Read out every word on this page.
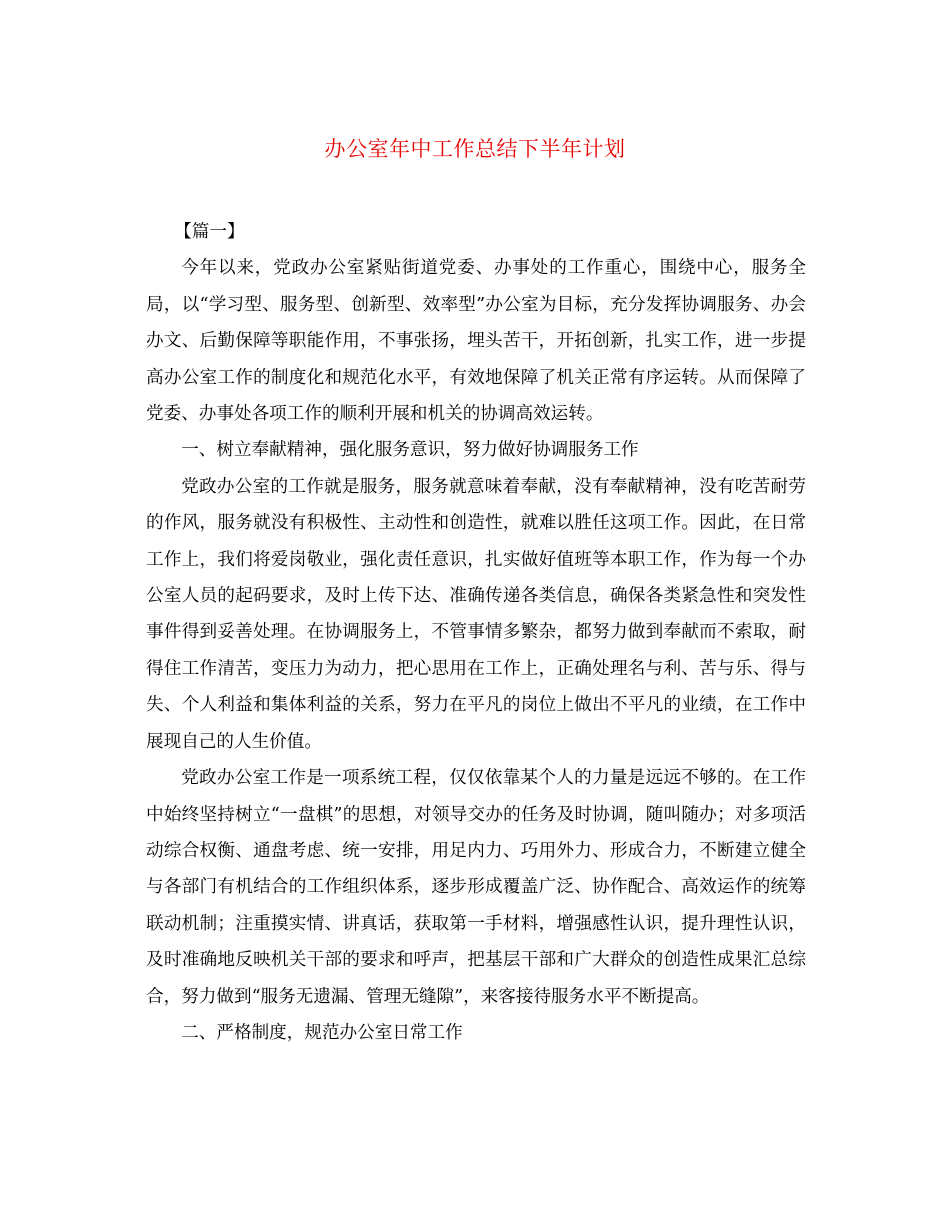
办公室年中工作总结下半年计划

【篇一】

今年以来，党政办公室紧贴街道党委、办事处的工作重心，围绕中心，服务全局，以“学习型、服务型、创新型、效率型”办公室为目标，充分发挥协调服务、办会办文、后勤保障等职能作用，不事张扬，埋头苦干，开拓创新，扎实工作，进一步提高办公室工作的制度化和规范化水平，有效地保障了机关正常有序运转。从而保障了党委、办事处各项工作的顺利开展和机关的协调高效运转。

一、树立奉献精神，强化服务意识，努力做好协调服务工作

党政办公室的工作就是服务，服务就意味着奉献，没有奉献精神，没有吃苦耐劳的作风，服务就没有积极性、主动性和创造性，就难以胜任这项工作。因此，在日常工作上，我们将爱岗敬业，强化责任意识，扎实做好值班等本职工作，作为每一个办公室人员的起码要求，及时上传下达、准确传递各类信息，确保各类紧急性和突发性事件得到妥善处理。在协调服务上，不管事情多繁杂，都努力做到奉献而不索取，耐得住工作清苦，变压力为动力，把心思用在工作上，正确处理名与利、苦与乐、得与失、个人利益和集体利益的关系，努力在平凡的岗位上做出不平凡的业绩，在工作中展现自己的人生价值。

党政办公室工作是一项系统工程，仅仅依靠某个人的力量是远远不够的。在工作中始终坚持树立“一盘棋”的思想，对领导交办的任务及时协调，随叫随办；对多项活动综合权衡、通盘考虑、统一安排，用足内力、巧用外力、形成合力，不断建立健全与各部门有机结合的工作组织体系，逐步形成覆盖广泛、协作配合、高效运作的统筹联动机制；注重摸实情、讲真话，获取第一手材料，增强感性认识，提升理性认识，及时准确地反映机关干部的要求和呼声，把基层干部和广大群众的创造性成果汇总综合，努力做到“服务无遗漏、管理无缝隙”，来客接待服务水平不断提高。

二、严格制度，规范办公室日常工作
